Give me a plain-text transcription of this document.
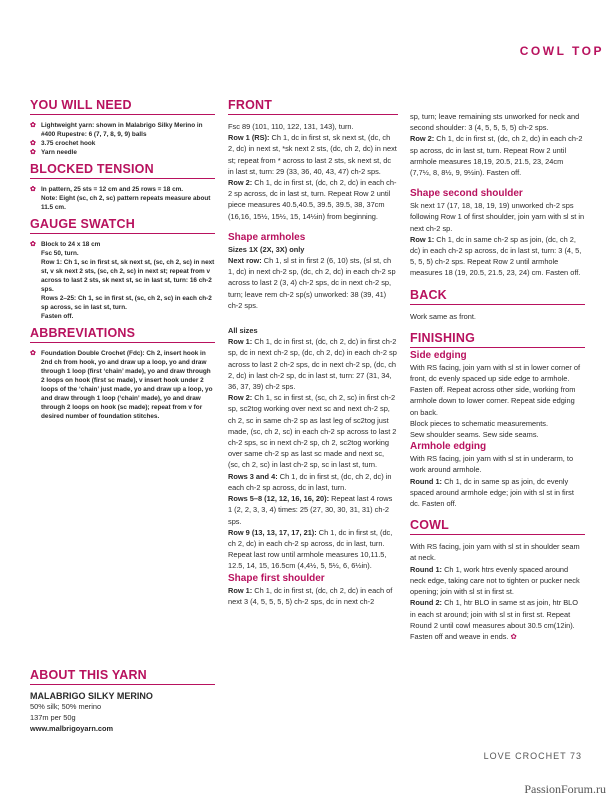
COWL TOP
YOU WILL NEED
✿ Lightweight yarn: shown in Malabrigo Silky Merino in #400 Rupestre: 6 (7, 7, 8, 9, 9) balls
✿ 3.75 crochet hook
✿ Yarn needle
BLOCKED TENSION
✿ In pattern, 25 sts = 12 cm and 25 rows = 18 cm.
Note: Eight (sc, ch 2, sc) pattern repeats measure about 11.5 cm.
GAUGE SWATCH
✿ Block to 24 x 18 cm
Fsc 50, turn.
Row 1: Ch 1, sc in first st, sk next st, (sc, ch 2, sc) in next st, v sk next 2 sts, (sc, ch 2, sc) in next st; repeat from v across to last 2 sts, sk next st, sc in last st, turn: 16 ch-2 sps.
Rows 2–25: Ch 1, sc in first st, (sc, ch 2, sc) in each ch-2 sp across, sc in last st, turn.
Fasten off.
ABBREVIATIONS
✿ Foundation Double Crochet (Fdc): Ch 2, insert hook in 2nd ch from hook, yo and draw up a loop, yo and draw through 1 loop (first ‘chain’ made), yo and draw through 2 loops on hook (first sc made), v insert hook under 2 loops of the ‘chain’ just made, yo and draw up a loop, yo and draw through 1 loop (‘chain’ made), yo and draw through 2 loops on hook (sc made); repeat from v for desired number of foundation stitches.
ABOUT THIS YARN
MALABRIGO SILKY MERINO

50% silk; 50% merino

137m per 50g

www.malbrigoyarn.com

FRONT

Fsc 89 (101, 110, 122, 131, 143), turn.

Row 1 (RS): Ch 1, dc in first st, sk next st, (dc, ch 2, dc) in next st, *sk next 2 sts, (dc, ch 2, dc) in next st; repeat from * across to last 2 sts, sk next st, dc in last st, turn: 29 (33, 36, 40, 43, 47) ch-2 sps.

Row 2: Ch 1, dc in first st, (dc, ch 2, dc) in each ch-2 sp across, dc in last st, turn. Repeat Row 2 until piece measures 40.5,40.5, 39.5, 39.5, 38, 37cm (16,16, 15½, 15½, 15, 14½in) from beginning.

Shape armholes

Sizes 1X (2X, 3X) only

Next row: Ch 1, sl st in first 2 (6, 10) sts, (sl st, ch 1, dc) in next ch-2 sp, (dc, ch 2, dc) in each ch-2 sp across to last 2 (3, 4) ch-2 sps, dc in next ch-2 sp, turn; leave rem ch-2 sp(s) unworked: 38 (39, 41) ch-2 sps.

All sizes

Row 1: Ch 1, dc in first st, (dc, ch 2, dc) in first ch-2 sp, dc in next ch-2 sp, (dc, ch 2, dc) in each ch-2 sp across to last 2 ch-2 sps, dc in next ch-2 sp, (dc, ch 2, dc) in last ch-2 sp, dc in last st, turn: 27 (31, 34, 36, 37, 39) ch-2 sps.

Row 2: Ch 1, sc in first st, (sc, ch 2, sc) in first ch-2 sp, sc2tog working over next sc and next ch-2 sp, ch 2, sc in same ch-2 sp as last leg of sc2tog just made, (sc, ch 2, sc) in each ch-2 sp across to last 2 ch-2 sps, sc in next ch-2 sp, ch 2, sc2tog working over same ch-2 sp as last sc made and next sc, (sc, ch 2, sc) in last ch-2 sp, sc in last st, turn.

Rows 3 and 4: Ch 1, dc in first st, (dc, ch 2, dc) in each ch-2 sp across, dc in last, turn.

Rows 5–8 (12, 12, 16, 16, 20): Repeat last 4 rows 1 (2, 2, 3, 3, 4) times: 25 (27, 30, 30, 31, 31) ch-2 sps.

Row 9 (13, 13, 17, 17, 21): Ch 1, dc in first st, (dc, ch 2, dc) in each ch-2 sp across, dc in last, turn. Repeat last row until armhole measures 10,11.5, 12.5, 14, 15, 16.5cm (4,4½, 5, 5½, 6, 6½in).

Shape first shoulder

Row 1: Ch 1, dc in first st, (dc, ch 2, dc) in each of next 3 (4, 5, 5, 5, 5) ch-2 sps, dc in next ch-2

sp, turn; leave remaining sts unworked for neck and second shoulder: 3 (4, 5, 5, 5, 5) ch-2 sps.

Row 2: Ch 1, dc in first st, (dc, ch 2, dc) in each ch-2 sp across, dc in last st, turn. Repeat Row 2 until armhole measures 18,19, 20.5, 21.5, 23, 24cm (7,7½, 8, 8½, 9, 9½in). Fasten off.

Shape second shoulder

Sk next 17 (17, 18, 18, 19, 19) unworked ch-2 sps following Row 1 of first shoulder, join yarn with sl st in next ch-2 sp.

Row 1: Ch 1, dc in same ch-2 sp as join, (dc, ch 2, dc) in each ch-2 sp across, dc in last st, turn: 3 (4, 5, 5, 5, 5) ch-2 sps. Repeat Row 2 until armhole measures 18 (19, 20.5, 21.5, 23, 24) cm. Fasten off.

BACK

Work same as front.

FINISHING
Side edging

With RS facing, join yarn with sl st in lower corner of front, dc evenly spaced up side edge to armhole. Fasten off. Repeat across other side, working from armhole down to lower corner. Repeat side edging on back.

Block pieces to schematic measurements.

Sew shoulder seams. Sew side seams.

Armhole edging

With RS facing, join yarn with sl st in underarm, to work around armhole.

Round 1: Ch 1, dc in same sp as join, dc evenly spaced around armhole edge; join with sl st in first dc. Fasten off.

COWL

With RS facing, join yarn with sl st in shoulder seam at neck.

Round 1: Ch 1, work htrs evenly spaced around neck edge, taking care not to tighten or pucker neck opening; join with sl st in first st.

Round 2: Ch 1, htr BLO in same st as join, htr BLO in each st around; join with sl st in first st. Repeat Round 2 until cowl measures about 30.5 cm(12in). Fasten off and weave in ends. ✿

LOVE CROCHET 73
PassionForum.ru
